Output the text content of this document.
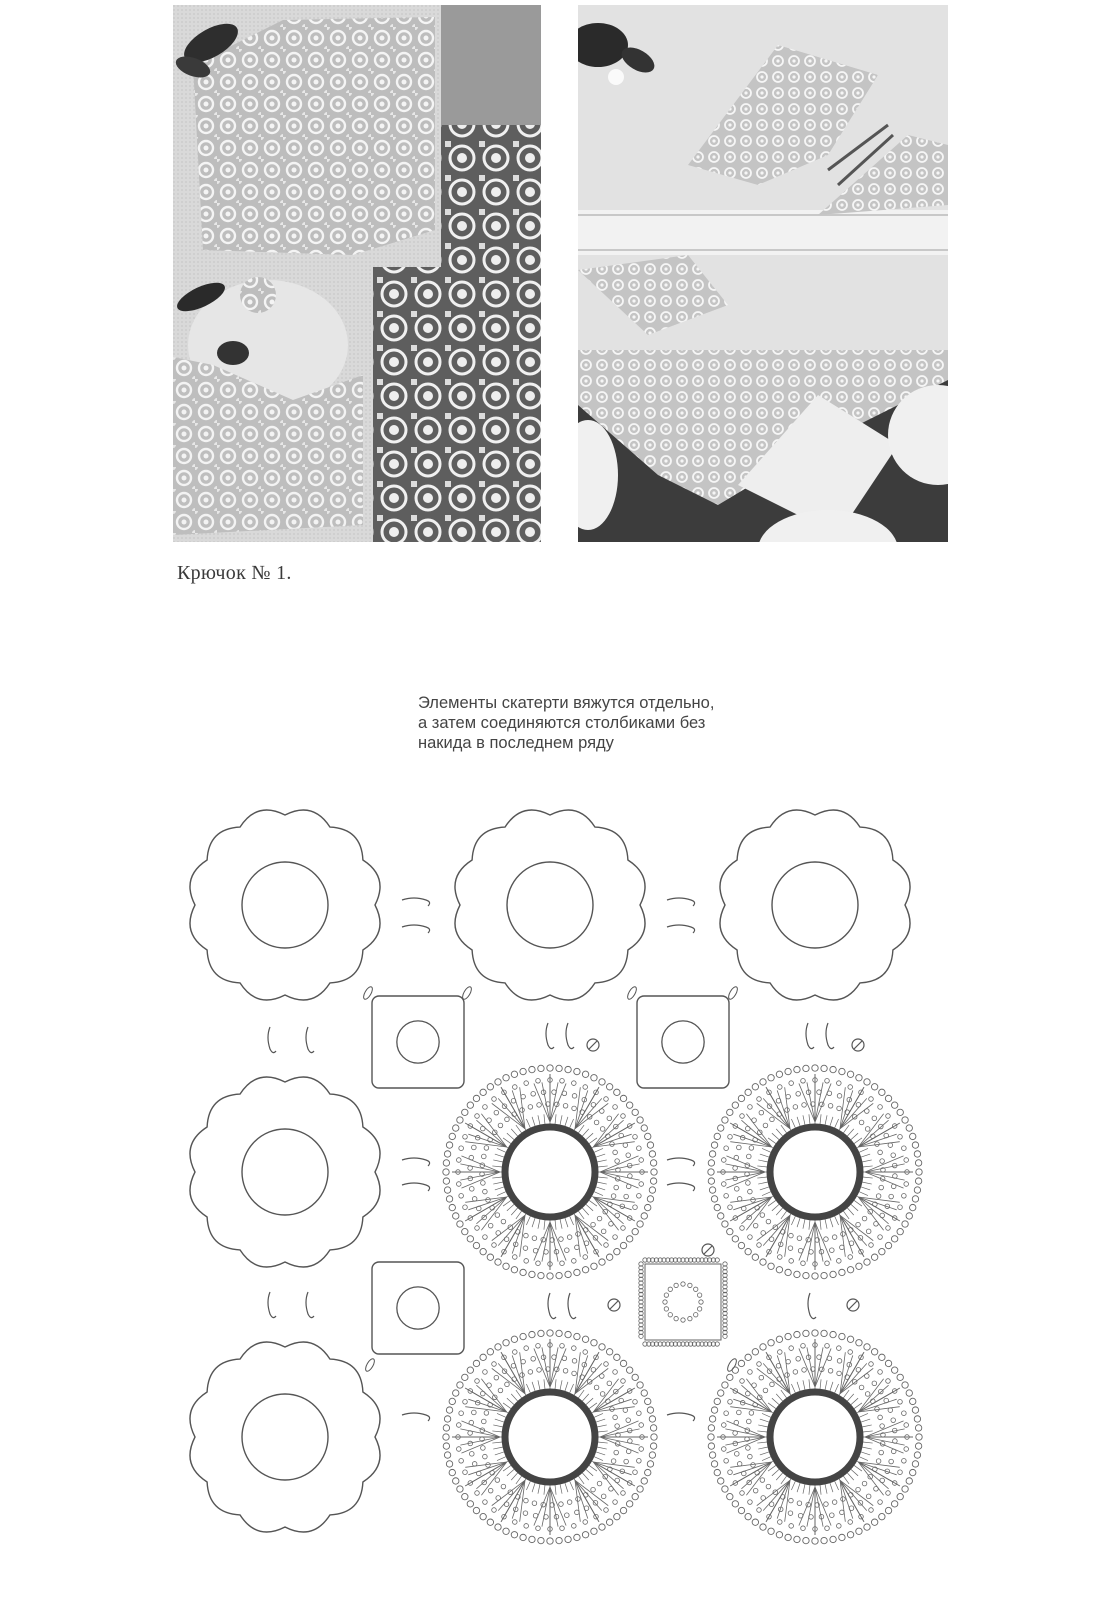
Крючок № 1.
Элементы скатерти вяжутся отдельно,
а затем соединяются столбиками без
накида в последнем ряду
